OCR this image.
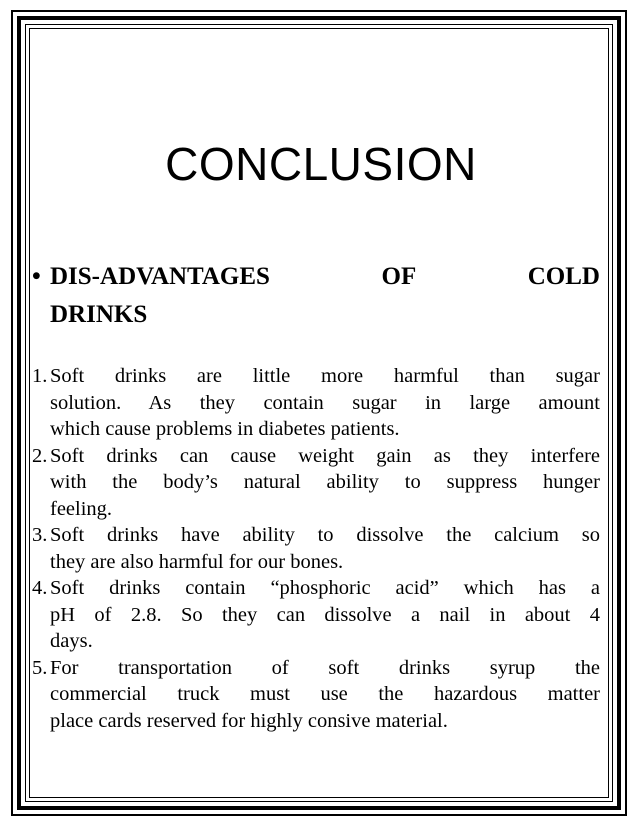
CONCLUSION
• DIS-ADVANTAGES	OF	COLD
DRINKS
1. Soft drinks are little more harmful than sugar
solution. As they contain sugar in large amount
which cause problems in diabetes patients.
2. Soft drinks can cause weight gain as they interfere
with the body’s natural ability to suppress hunger
feeling.
3. Soft drinks have ability to dissolve the calcium so
they are also harmful for our bones.
4. Soft drinks contain “phosphoric acid” which has a
pH of 2.8. So they can dissolve a nail in about 4
days.
5. For transportation of soft drinks syrup the
commercial truck must use the hazardous matter
place cards reserved for highly consive material.
